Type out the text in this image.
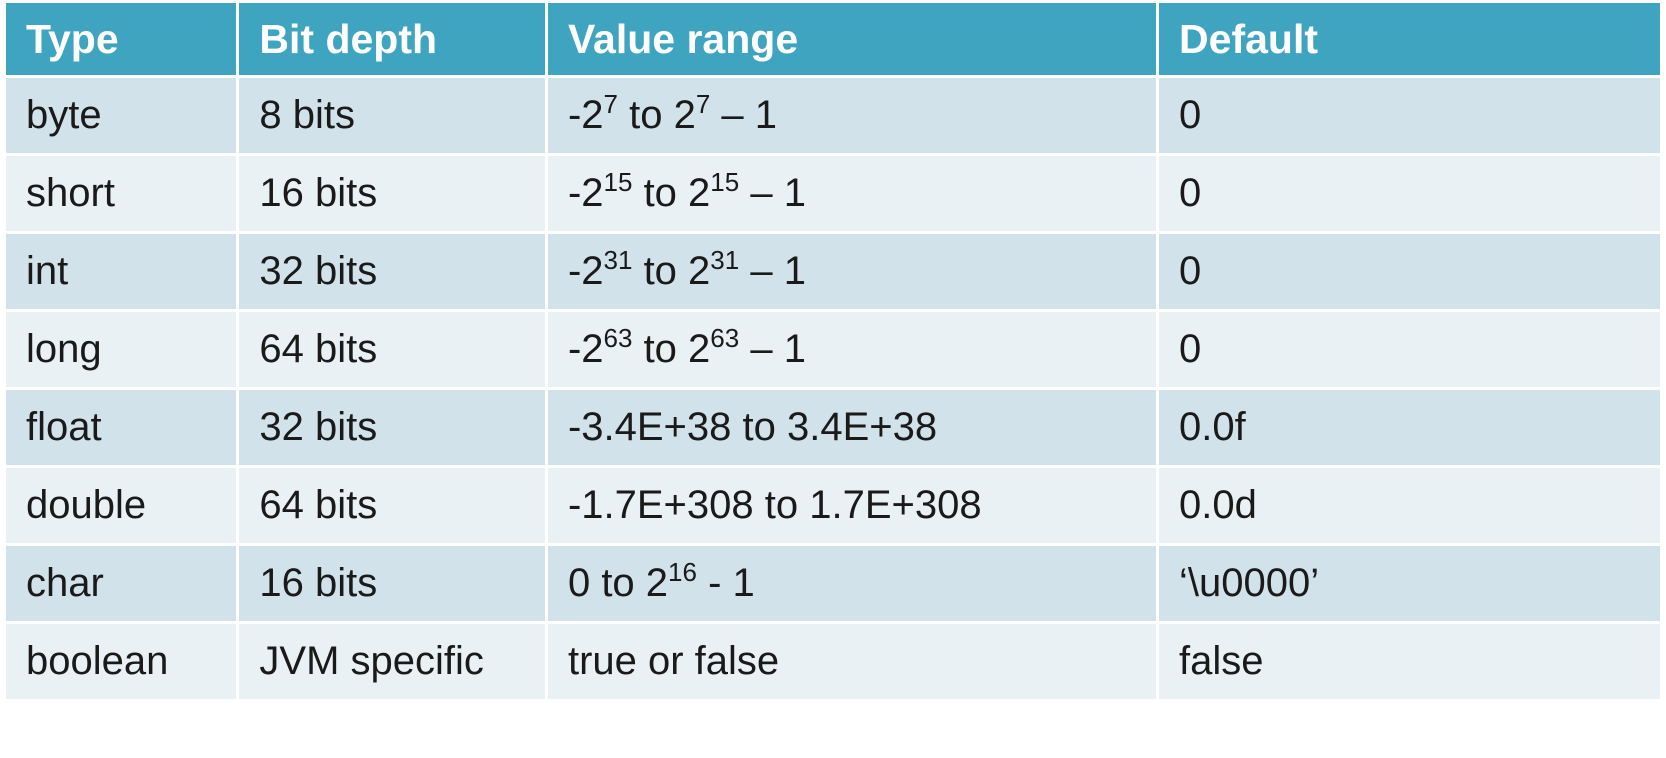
Type	Bit depth	Value range	Default
byte	8 bits	$-2^7$ to $2^7 - 1$	0
short	16 bits	$-2^{15}$ to $2^{15} - 1$	0
int	32 bits	$-2^{31}$ to $2^{31} - 1$	0
long	64 bits	$-2^{63}$ to $2^{63} - 1$	0
float	32 bits	-3.4E+38 to 3.4E+38	0.0f
double	64 bits	-1.7E+308 to 1.7E+308	0.0d
char	16 bits	0 to $2^{16} - 1$	‘\u0000’
boolean	JVM specific	true or false	false
